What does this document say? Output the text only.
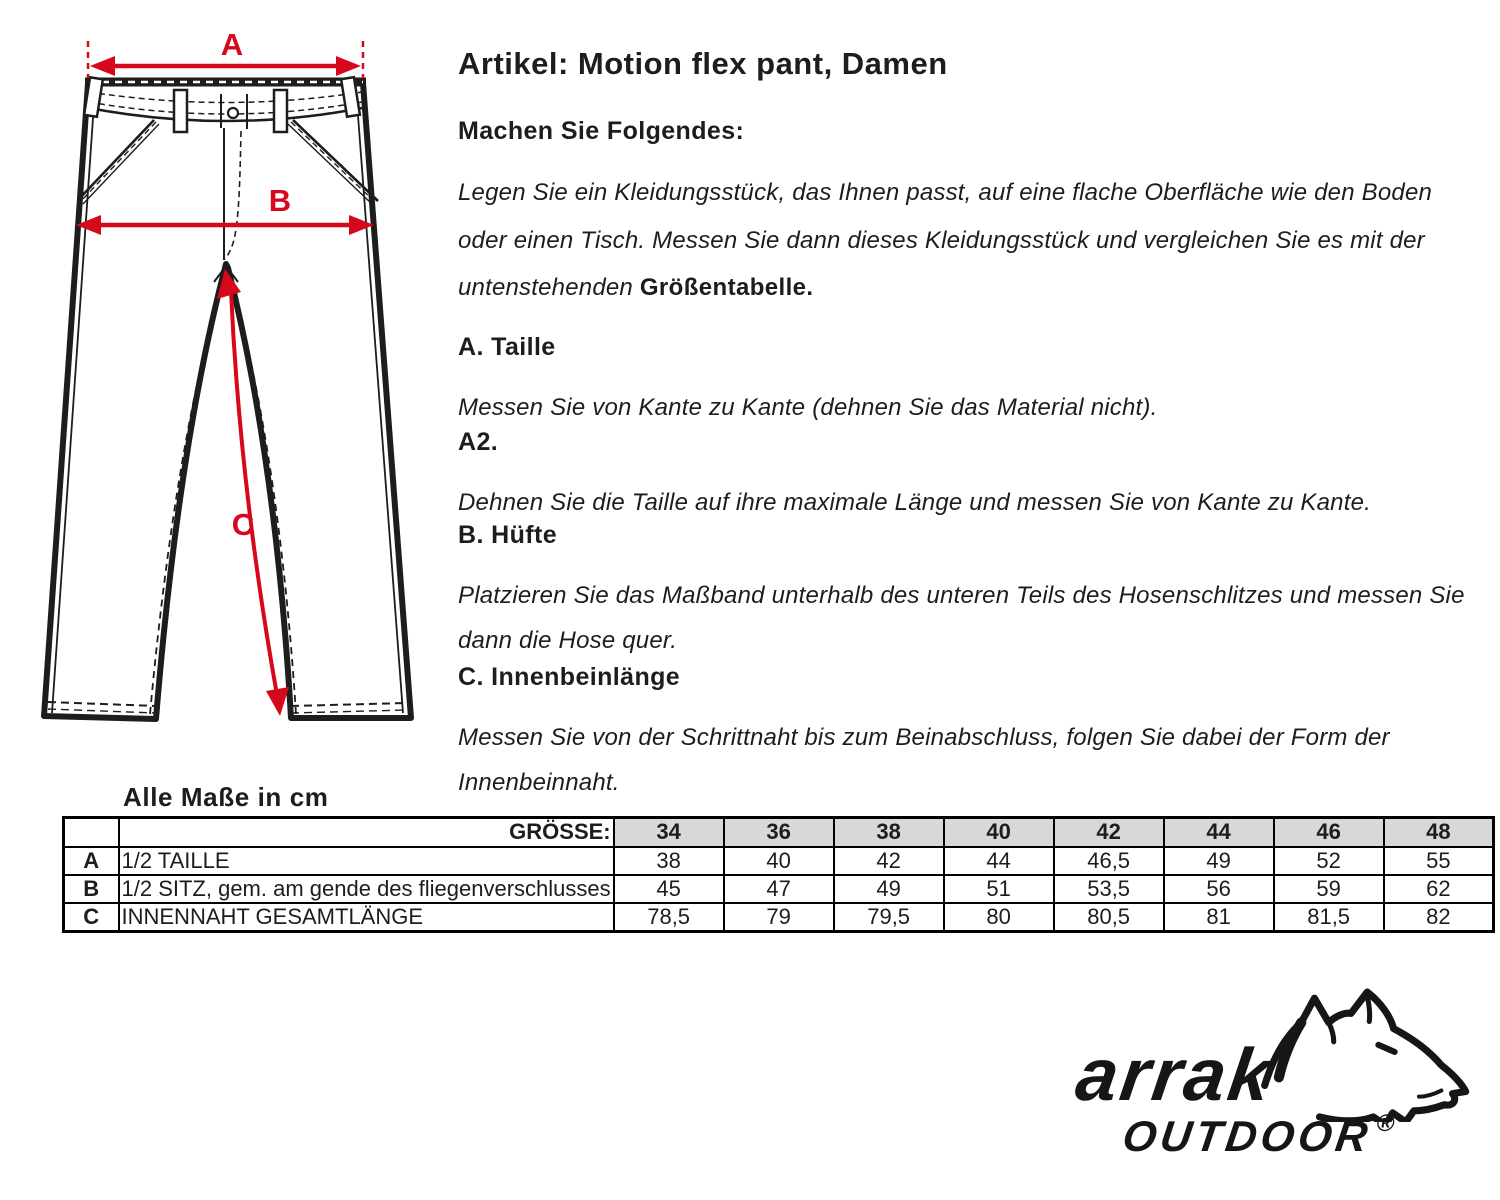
A
B
C
Artikel: Motion flex pant, Damen
Machen Sie Folgendes:
Legen Sie ein Kleidungsstück, das Ihnen passt, auf eine flache Oberfläche wie den Boden
oder einen Tisch. Messen Sie dann dieses Kleidungsstück und vergleichen Sie es mit der
untenstehenden Größentabelle.
A. Taille
Messen Sie von Kante zu Kante (dehnen Sie das Material nicht).
A2.
Dehnen Sie die Taille auf ihre maximale Länge und messen Sie von Kante zu Kante.
B. Hüfte
Platzieren Sie das Maßband unterhalb des unteren Teils des Hosenschlitzes und messen Sie
dann die Hose quer.
C. Innenbeinlänge
Messen Sie von der Schrittnaht bis zum Beinabschluss, folgen Sie dabei der Form der
Innenbeinnaht.
Alle Maße in cm
	GRÖSSE:	34	36	38	40	42	44	46	48
A	1/2 TAILLE	38	40	42	44	46,5	49	52	55
B	1/2 SITZ, gem. am gende des fliegenverschlusses	45	47	49	51	53,5	56	59	62
C	INNENNAHT GESAMTLÄNGE	78,5	79	79,5	80	80,5	81	81,5	82
arrak
OUTDOOR®
